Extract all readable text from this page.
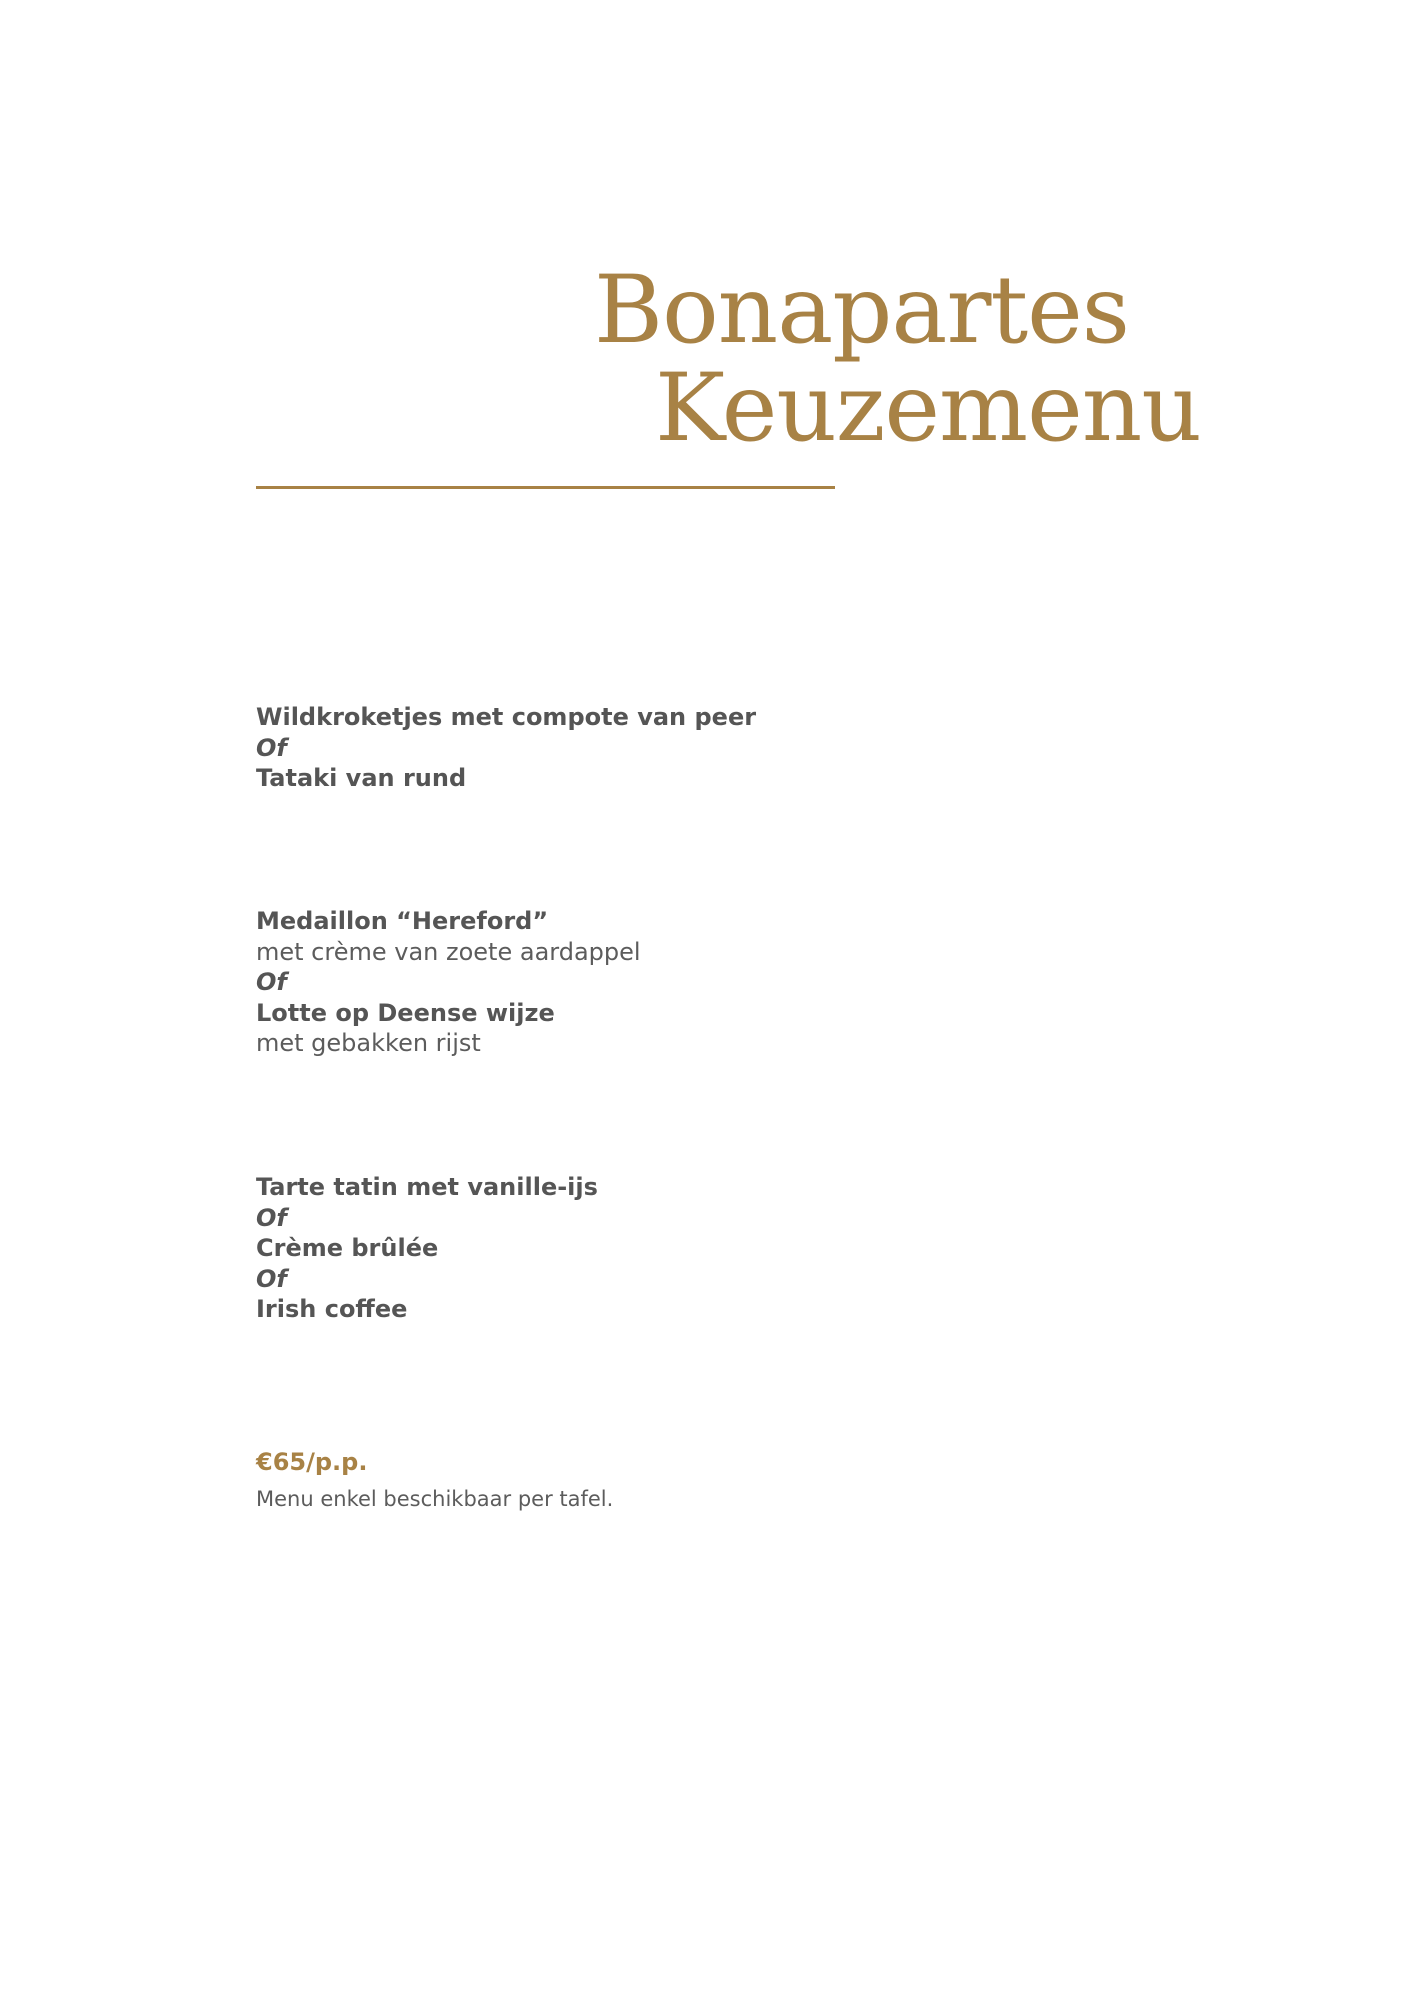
Bonapartes
Keuzemenu
Wildkroketjes met compote van peer
Of
Tataki van rund
Medaillon “Hereford”
met crème van zoete aardappel
Of
Lotte op Deense wijze
met gebakken rijst
Tarte tatin met vanille-ijs
Of
Crème brûlée
Of
Irish coffee
€65/p.p.
Menu enkel beschikbaar per tafel.
